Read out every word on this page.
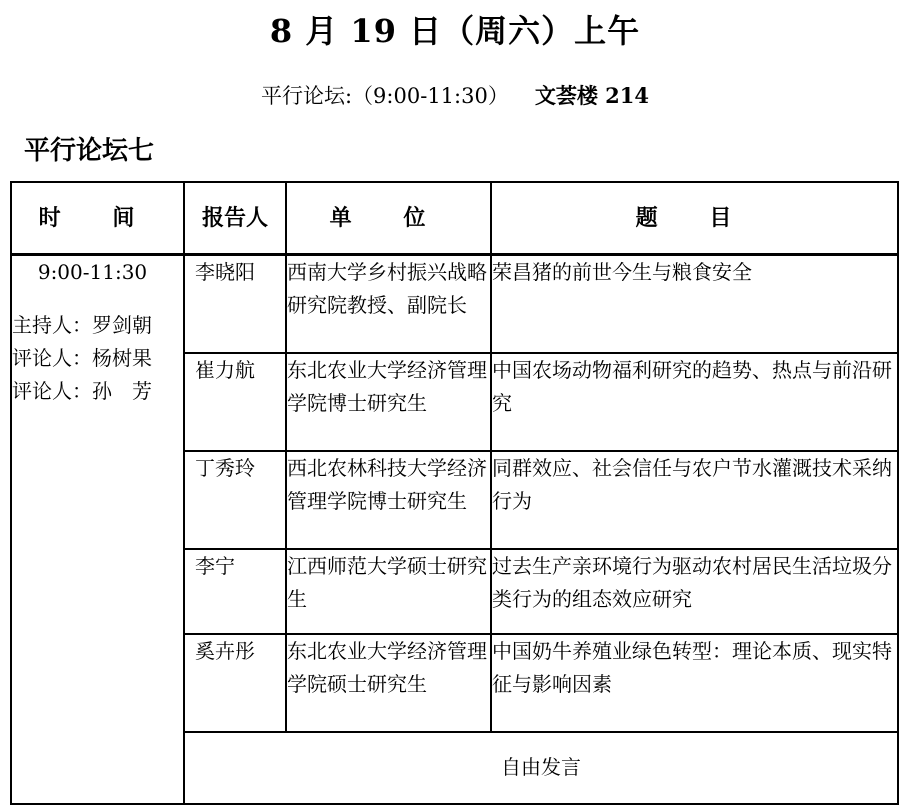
8 月 19 日（周六）上午
平行论坛:（9:00-11:30） 文荟楼 214
平行论坛七
时 间	报告人	单 位	题 目

9:00-11:30
主持人：罗剑朝
评论人：杨树果
评论人：孙　芳	李晓阳	西南大学乡村振兴战略研究院教授、副院长	荣昌猪的前世今生与粮食安全
	崔力航	东北农业大学经济管理学院博士研究生	中国农场动物福利研究的趋势、热点与前沿研究
	丁秀玲	西北农林科技大学经济管理学院博士研究生	同群效应、社会信任与农户节水灌溉技术采纳行为
	李宁	江西师范大学硕士研究生	过去生产亲环境行为驱动农村居民生活垃圾分类行为的组态效应研究
	奚卉彤	东北农业大学经济管理学院硕士研究生	中国奶牛养殖业绿色转型：理论本质、现实特征与影响因素
	自由发言		
